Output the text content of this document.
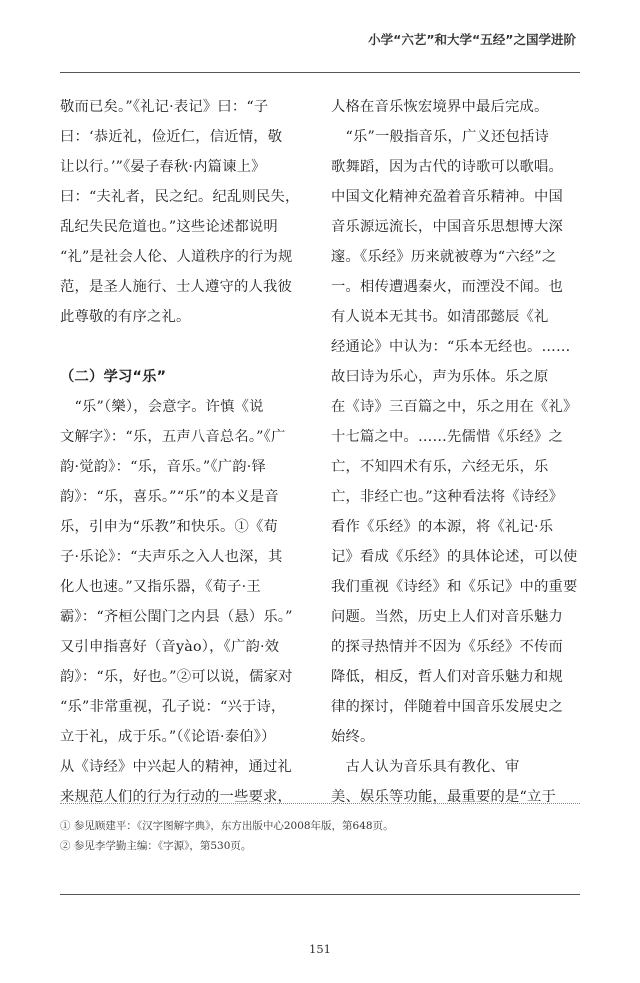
小学“六艺”和大学“五经”之国学进阶
敬而已矣。”《礼记·表记》曰：“子
曰：‘恭近礼，俭近仁，信近情，敬
让以行。’”《晏子春秋·内篇谏上》
曰：“夫礼者，民之纪。纪乱则民失，
乱纪失民危道也。”这些论述都说明
“礼”是社会人伦、人道秩序的行为规
范，是圣人施行、士人遵守的人我彼
此尊敬的有序之礼。
（二）学习“乐”
　“乐”（樂），会意字。许慎《说
文解字》：“乐，五声八音总名。”《广
韵·觉韵》：“乐，音乐。”《广韵·铎
韵》：“乐，喜乐。”“乐”的本义是音
乐，引申为“乐教”和快乐。①《荀
子·乐论》：“夫声乐之入人也深，其
化人也速。”又指乐器，《荀子·王
霸》：“齐桓公閨门之内县（悬）乐。”
又引申指喜好（音yào），《广韵·效
韵》：“乐，好也。”②可以说，儒家对
“乐”非常重视，孔子说：“兴于诗，
立于礼，成于乐。”（《论语·泰伯》）
从《诗经》中兴起人的精神，通过礼
来规范人们的行为行动的一些要求，
人格在音乐恢宏境界中最后完成。
　“乐”一般指音乐，广义还包括诗
歌舞蹈，因为古代的诗歌可以歌唱。
中国文化精神充盈着音乐精神。中国
音乐源远流长，中国音乐思想博大深
邃。《乐经》历来就被尊为“六经”之
一。相传遭遇秦火，而湮没不闻。也
有人说本无其书。如清邵懿辰《礼
经通论》中认为：“乐本无经也。……
故曰诗为乐心，声为乐体。乐之原
在《诗》三百篇之中，乐之用在《礼》
十七篇之中。……先儒惜《乐经》之
亡，不知四术有乐，六经无乐，乐
亡，非经亡也。”这种看法将《诗经》
看作《乐经》的本源，将《礼记·乐
记》看成《乐经》的具体论述，可以使
我们重视《诗经》和《乐记》中的重要
问题。当然，历史上人们对音乐魅力
的探寻热情并不因为《乐经》不传而
降低，相反，哲人们对音乐魅力和规
律的探讨，伴随着中国音乐发展史之
始终。
　古人认为音乐具有教化、审
美、娱乐等功能，最重要的是“立于
① 参见顾建平：《汉字图解字典》，东方出版中心2008年版，第648页。
② 参见李学勤主编：《字源》，第530页。
151
